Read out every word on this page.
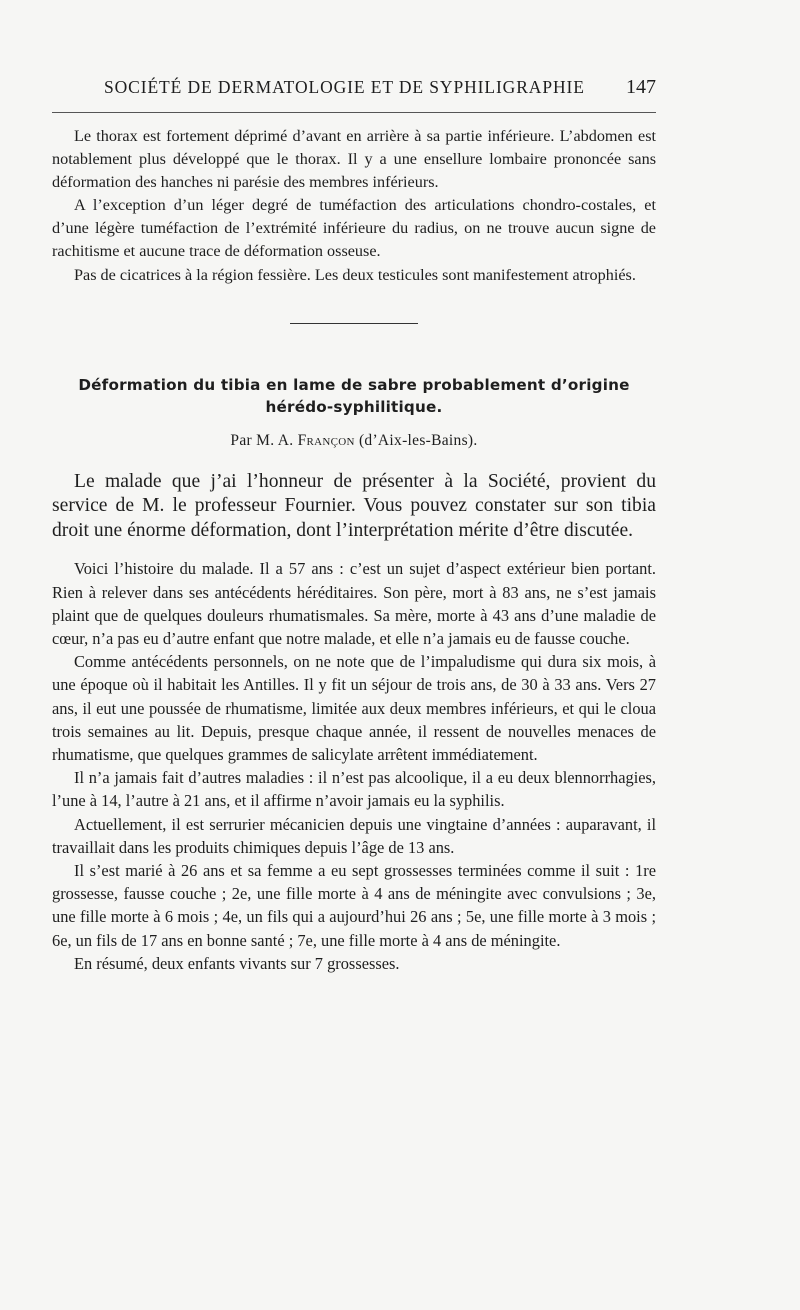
SOCIÉTÉ DE DERMATOLOGIE ET DE SYPHILIGRAPHIE 147

Le thorax est fortement déprimé d’avant en arrière à sa partie inférieure. L’abdomen est notablement plus développé que le thorax. Il y a une ensellure lombaire prononcée sans déformation des hanches ni parésie des membres inférieurs.

A l’exception d’un léger degré de tuméfaction des articulations chondro-costales, et d’une légère tuméfaction de l’extrémité inférieure du radius, on ne trouve aucun signe de rachitisme et aucune trace de déformation osseuse.

Pas de cicatrices à la région fessière. Les deux testicules sont manifestement atrophiés.

Déformation du tibia en lame de sabre probablement d’origine hérédo-syphilitique.
Par M. A. Françon (d’Aix-les-Bains).

Le malade que j’ai l’honneur de présenter à la Société, provient du service de M. le professeur Fournier. Vous pouvez constater sur son tibia droit une énorme déformation, dont l’interprétation mérite d’être discutée.

Voici l’histoire du malade. Il a 57 ans : c’est un sujet d’aspect extérieur bien portant. Rien à relever dans ses antécédents héréditaires. Son père, mort à 83 ans, ne s’est jamais plaint que de quelques douleurs rhumatismales. Sa mère, morte à 43 ans d’une maladie de cœur, n’a pas eu d’autre enfant que notre malade, et elle n’a jamais eu de fausse couche.

Comme antécédents personnels, on ne note que de l’impaludisme qui dura six mois, à une époque où il habitait les Antilles. Il y fit un séjour de trois ans, de 30 à 33 ans. Vers 27 ans, il eut une poussée de rhumatisme, limitée aux deux membres inférieurs, et qui le cloua trois semaines au lit. Depuis, presque chaque année, il ressent de nouvelles menaces de rhumatisme, que quelques grammes de salicylate arrêtent immédiatement.

Il n’a jamais fait d’autres maladies : il n’est pas alcoolique, il a eu deux blennorrhagies, l’une à 14, l’autre à 21 ans, et il affirme n’avoir jamais eu la syphilis.

Actuellement, il est serrurier mécanicien depuis une vingtaine d’années : auparavant, il travaillait dans les produits chimiques depuis l’âge de 13 ans.

Il s’est marié à 26 ans et sa femme a eu sept grossesses terminées comme il suit : 1re grossesse, fausse couche ; 2e, une fille morte à 4 ans de méningite avec convulsions ; 3e, une fille morte à 6 mois ; 4e, un fils qui a aujourd’hui 26 ans ; 5e, une fille morte à 3 mois ; 6e, un fils de 17 ans en bonne santé ; 7e, une fille morte à 4 ans de méningite.

En résumé, deux enfants vivants sur 7 grossesses.
